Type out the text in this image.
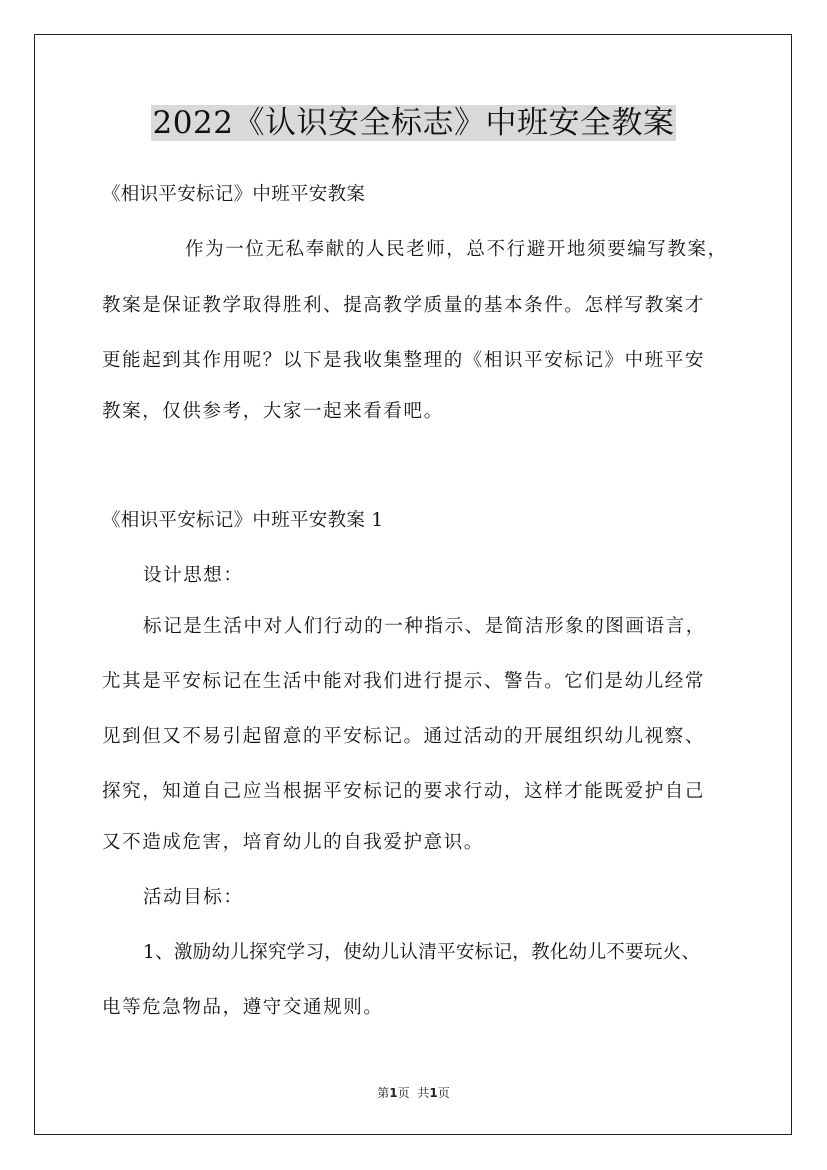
2022《认识安全标志》中班安全教案

《相识平安标记》中班平安教案

作为一位无私奉献的人民老师，总不行避开地须要编写教案，

教案是保证教学取得胜利、提高教学质量的基本条件。怎样写教案才

更能起到其作用呢？以下是我收集整理的《相识平安标记》中班平安

教案，仅供参考，大家一起来看看吧。

《相识平安标记》中班平安教案 1

设计思想：

标记是生活中对人们行动的一种指示、是简洁形象的图画语言，

尤其是平安标记在生活中能对我们进行提示、警告。它们是幼儿经常

见到但又不易引起留意的平安标记。通过活动的开展组织幼儿视察、

探究，知道自己应当根据平安标记的要求行动，这样才能既爱护自己

又不造成危害，培育幼儿的自我爱护意识。

活动目标：

1、激励幼儿探究学习，使幼儿认清平安标记，教化幼儿不要玩火、

电等危急物品，遵守交通规则。

第1页 共1页
